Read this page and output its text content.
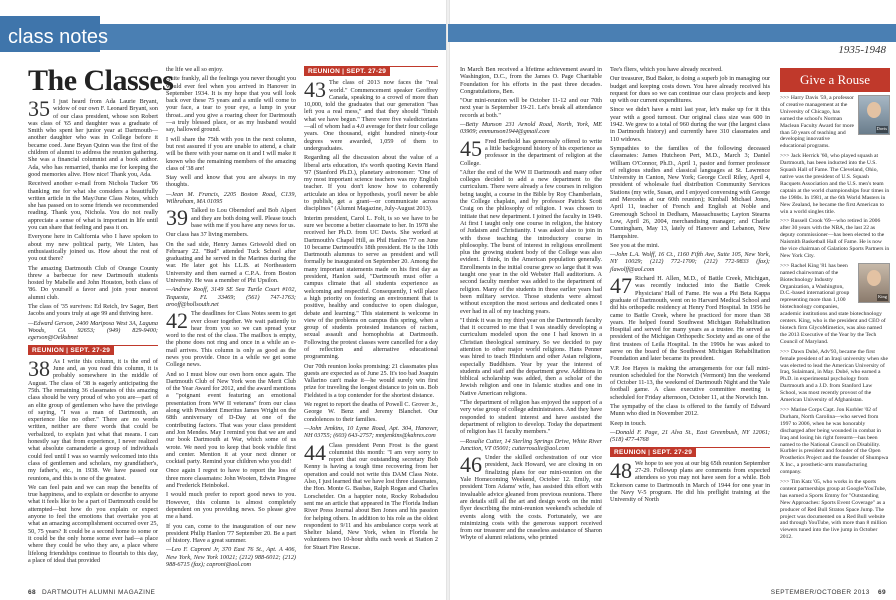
class notes
The Classes

35 I just heard from Ada Laurie Bryant, widow of our own F. Leonard Bryant, son of our class president, whose son Robert was class of '65 and daughter was a graduate of Smith who spent her junior year at Dartmouth—another daughter who was in College before it became coed. Jane Bryan Quinn was the first of the children of alumni to address the reunion gathering. She was a financial columnist and a book author. Ada, who has remarried, thanks me for keeping the good memories alive. How nice! Thank you, Ada.

Received another e-mail from Nichola Tucker '06 thanking me for what she considers a beautifully written article in the May/June Class Notes, which she has passed on to some friends we recommended reading. Thank you, Nichola. You do not really appreciate a sense of what is important in life until you can share that feeling and pass it on.

Everyone here in California who I have spoken to about my new political party, We Listen, has enthusiastically joined us. How about the rest of you out there?

The amazing Dartmouth Club of Orange County threw a barbecue for new Dartmouth students hosted by Mabelle and John Houston, both class of '86. Do yourself a favor and join your nearest alumni club.

The class of '35 survives: Ed Reich, Irv Sager, Bert Jacobs and yours truly at age 99 and thriving here.

—Edward Gerson, 2400 Mariposa West 3A, Laguna Woods, CA 92653; (949) 829-9400; egerson@Oelksbnet

REUNION | SEPT. 27-29

38 As I write this column, it is the end of June and, as you read this column, it is probably somewhere in the middle of August. The class of '38 is eagerly anticipating the 75th. The remaining 36 classmates of this amazing class should be very proud of who you are—part of an elite group of gentlemen who have the privilege of saying, "I was a man of Dartmouth, an experience like no other." There are no words written, neither are there words that could be verbalized, to explain just what that means. I can honestly say that from experience, I never realized what absolute camaraderie a group of individuals could feel until I was so warmly welcomed into this class of gentlemen and scholars, my grandfather's, my father's, etc., in 1938. We have passed our reunions, and this is one of the greatest.

We can feel pain and we can reap the benefits of true happiness, and to explain or describe to anyone what it feels like to be a part of Dartmouth could be attempted—but how do you explain or expect anyone to feel the emotions that overtake you at what an amazing accomplishment occurred over 25, 50, 75 years? It could be a second home to some or it could be the only home some ever had—a place where they could be who they are, a place where lifelong friendships continue to flourish to this day, a place of ideal that provided

the life we all so enjoy.

Quite frankly, all the feelings you never thought you would ever feel when you arrived in Hanover in September 1934. It is my hope that you will look back over these 75 years and a smile will come to your face, a tear to your eye, a lump in your throat...and you give a roaring cheer for Dartmouth—a truly blessed place, or as my husband would say, hallowed ground.

I will share the 75th with you in the next column, but rest assured if you are unable to attend, a chair will be there with your name on it and I will make it known who the remaining members of the amazing class of '38 are!

Stay well and know that you are always in my thoughts.

—Jean M. Francis, 2205 Boston Road, C139, Wilbraham, MA 01095

39 Talked to Lou Oberndorf and Bob Alpert and they are both doing well. Please touch base with me if you have any news for us.

Our class has 37 living members.

On the sad side, Henry James Griswold died on February 22. "Bud" attended Tuck School after graduating and he served in the Marines during the war. He later got his LL.B. at Northeastern University and then earned a C.P.A. from Boston University. He was a member of Phi Upsilon.

—Andrew Rooff, 3149 SE Sea Turtle Court #102, Tequesta, FL 33469; (561) 747-1763; arooff@hollsouth.net

42 The deadlines for Class Notes seem to get ever closer together. We wait patiently to hear from you so we can spread your word to the rest of the class. The mailbox is empty, the phone does not ring and once in a while an e-mail arrives. This column is only as good as the news you provide. Once in a while we get some College news.

And so I must blow our own horn once again. The Dartmouth Club of New York won the Merit Club of the Year Award for 2012, and the award mentions a "poignant event featuring an emotional presentation from WW II veterans" from our class along with President Emeritus James Wright on the 68th anniversary of D-Day at one of the contributing factors. That was your class president and Jon Mendes. May I remind you that we are and our book Dartmouth at War, which some of us wrote. We need you to keep that book visible first and center. Mention it at your next dinner or cocktail party. Remind your children who you did!

Once again I regret to have to report the loss of three more classmates: John Wooten, Edwin Pingree and Frederick Heinbokel.

I would much prefer to report good news to you. However, this column is almost completely dependent on you providing news. So please give me a hand.

If you can, come to the inauguration of our new president Philip Hanlon '77 September 20. Be a part of history. Have a great summer.

—Leo F. Caproni Jr, 370 East 76 St., Apt. A 406, New York, New York 10021; (212) 988-6012; (212) 988-6715 (fax); caproni@aol.com

REUNION | SEPT. 27-29

43 The class of 2013 now faces the "real world." Commencement speaker Geoffrey Canada, speaking to a crowd of more than 10,000, told the graduates that our generation "has left you a real mess," and that they should "finish what we have begun." There were five valedictorians—all of whom had a 4.0 average for their four college years. One thousand, eight hundred ninety-four degrees were awarded, 1,059 of them to undergraduates.

Regarding all the discussion about the value of a liberal arts education, it's worth quoting Kevin Hand '97 (Stanford Ph.D.), planetary astronomer: "One of my most important science teachers was my English teacher. If you don't know how to coherently articulate an idea or hypothesis, you'll never be able to publish, get a grant—or communicate across disciplines" (Alumni Magazine, July-August 2013).

Interim president, Carol L. Folt, is so we have to be sure we become a better classmate to her. In 1978 she received her Ph.D. from UC Davis. She worked at Dartmouth's Chapel Hill, as Phil Hanlon '77 on June 10 became Dartmouth's 18th president. He is the 10th Dartmouth alumnus to serve as president and will formally be inaugurated on September 20. Among the many important statements made on his first day as president, Hanlon said, "Dartmouth must offer a campus climate that all students experience as welcoming and respectful. Consequently, I will place a high priority on fostering an environment that is positive, healthy and conducive to open dialogue, debate and learning." This statement is welcome in view of the problems on campus this spring, when a group of students protested instances of racism, sexual assault and homophobia at Dartmouth. Following the protest classes were cancelled for a day of reflection and alternative educational programming.

Our 70th reunion looks promising: 21 classmates plus guests are expected as of June 25. It's too bad Joaquin Vallarino can't make it—he would surely win first prize for traveling the longest distance to join us. Bob Fieldsted is a top contender for the shortest distance.

We regret to report the deaths of Powell C. Grover Jr., George W. Benz and Jeremy Blanchet. Our condolences to their families.

—John Jenkins, 10 Lyme Road, Apt. 304, Hanover, NH 03755; (603) 643-2757; mmjenkins@kahres.com

44 Class president Penn Frost is the guest columnist this month: "I am very sorry to report that our outstanding secretary Bob Kenny is having a tough time recovering from her operation and could not write this DAM Class Note. Also, I just learned that we have lost three classmates, the Hon. Monte G. Basbas, Ralph Rogan and Charles Lorscheider. On a happier note, Rocky Robadsdou sent me an article that appeared in The Florida Indian River Press Journal about Ben Jones and his passion for helping others. In addition to his role as the oldest respondent to 9/11 and his ambulance corps work at Shelter Island, New York, when in Florida he volunteers two 10-hour shifts each week at Station 2 for Stuart Fire Rescue.

68 DARTMOUTH ALUMNI MAGAZINE
1935-1948

In March Ben received a lifetime achievement award in Washington, D.C., from the James O. Page Charitable Foundation for his efforts in the past three decades. Congratulations, Ben.

"Our mini-reunion will be October 11-12 and our 70th next year is September 19-21. Let's break all attendance records at both."

—Betty Munson 231 Arnold Road, North, York, ME 03909; emmunson1944@gmail.com

45 Fred Berthold has generously offered to write a little background history of his experience as professor in the department of religion at the College.

"After the end of the WW II Dartmouth and many other colleges decided to add a new department to the curriculum. There were already a few courses in religion being taught, a course in the Bible by Roy Chamberlain, the College chaplain, and by professor Patrick Scott Craig on the philosophy of religion. I was chosen to initiate that new department. I joined the faculty in 1949. At first I taught only one course in religion, the history of Judaism and Christianity. I was asked also to join in with those teaching the introductory course in philosophy. The burst of interest in religious enrollment plus the growing student body of the College was also evident. I think, in the American population generally. Enrollments in the initial course grew so large that it was taught one year in the old Webster Hall auditorium. A second faculty member was added to the department of religion. Many of the students in those earlier years had been military service. Those students were almost without exception the most serious and dedicated ones I ever had in all of my teaching years.

"I think it was in my third year on the Dartmouth faculty that it occurred to me that I was steadily developing a curriculum modeled upon the one I had known in a Christian theological seminary. So we decided to pay attention to other major world religions. Hans Penner was hired to teach Hinduism and other Asian religions, especially Buddhism. Year by year the interest of students and staff and the department grew. Additions in biblical scholarship was added, then a scholar of the Jewish religion and one in Islamic studies and one in Native American religions.

"The department of religion has enjoyed the support of a very wise group of college administrators. And they have responded to student interest and have assisted the department of religion to develop. Today the department of religion has 11 faculty members."

—Rosalie Cutter, 14 Sterling Springs Drive, White River Junction, VT 05001; cutterrosalie@aol.com

46 Under the skilled orchestration of our vice president, Jack Howard, we are closing in on finalizing plans for our mini-reunion on the Yale Homecoming Weekend, October 12. Emily, our president Tom Adams' wife, has assisted this effort with invaluable advice gleaned from previous reunions. There are details still all the art and design work on the mini flyer describing the mini-reunion weekend's schedule of events along with the costs. Fortunately, we are minimizing costs with the generous support received from our treasurer and the ceaseless assistance of Sharon Whyte of alumni relations, who printed

Tee's fliers, which you have already received.

Our treasurer, Bud Baker, is doing a superb job in managing our budget and keeping costs down. You have already received his request for dues so we can continue our class projects and keep up with our current expenditures.

Since we didn't have a mini last year, let's make up for it this year with a good turnout. Our original class size was 600 in 1942. We grew to a total of 960 during the war (the largest class in Dartmouth history) and currently have 310 classmates and 110 widows.

Sympathies to the families of the following deceased classmates: James Hutcheon Pert, M.D., March 3; Daniel William O'Connor, Ph.D., April 1, pastor and former professor of religious studies and classical languages at St. Lawrence University in Canton, New York; George Cecil Riley, April 4, president of wholesale fuel distribution Community Services Stations (my wife, Susan, and I enjoyed conversing with George and Mercedes at our 60th reunion); Kimball Michael Jones, April 11, teacher of French and English at Noble and Greenough School in Dedham, Massachusetts; Layton Stearns Low, April 26, 2004, merchandising manager; and Charlie Cunningham, May 13, lately of Hanover and Lebanon, New Hampshire.

See you at the mini.

—John L.A. Wolff, 16 Ct., 1160 Fifth Ave, Suite 105, New York, NY 10029; (212) 772-1700; (212) 772-9833 (fax); jlawolff@aol.com

47 Richard H. Allen, M.D., of Battle Creek, Michigan, was recently inducted into the Battle Creek Physicians' Hall of Fame. He was a Phi Beta Kappa graduate of Dartmouth, went on to Harvard Medical School and did his orthopedic residency at Henry Ford Hospital. In 1956 he came to Battle Creek, where he practiced for more than 38 years. He helped found Southwest Michigan Rehabilitation Hospital and served for many years as a trustee. He served as president of the Michigan Orthopedic Society and as one of the first trustees of Leila Hospital. In the 1990s he was asked to serve on the board of the Southwest Michigan Rehabilitation Foundation and later became its president.

V.P. Joe Hayes is making the arrangements for our fall mini-reunion scheduled for the Norwich (Vermont) Inn the weekend of October 11-13, the weekend of Dartmouth Night and the Yale football game. A class executive committee meeting is scheduled for Friday afternoon, October 11, at the Norwich Inn.

The sympathy of the class is offered to the family of Edward Munn who died in November 2012.

Keep in touch.

—Donald F. Page, 21 Alva St., East Greenbush, NY 12061; (518) 477-4768

REUNION | SEPT. 27-29

48 We hope to see you at our big 65th reunion September 27-29. Followup plans are comments from expected attendees so you may not have seen for a while. Bob Eckerson came to Dartmouth in March of 1944 for one year in the Navy V-5 program. He did his preflight training at the University of North

Give a Rouse

Davis
>>> Harry Davis '59, a professor of creative management at the University of Chicago, has earned the school's Norman Maclean Faculty Award for more than 50 years of teaching and developing innovative educational programs.

>>> Jack Herrick '60, who played squash at Dartmouth, has been inducted into the U.S. Squash Hall of Fame. The Cleveland, Ohio, native was the president of U.S. Squash Racquets Association and the U.S. men's team captain at the world championships four times in the 1980s. In 1981, at the 6th World Masters in New Zealand, he became the first American to win a world singles title.

>>> Russell Crook '69—who retired in 2006 after 30 years with the NBA, the last 22 as deputy commissioner—has been elected to the Naismith Basketball Hall of Fame. He is now the vice chairman of Galatioto Sports Partners in New York City.

King
>>> Rachel King '81 has been named chairwoman of the Biotechnology Industry Organization, a Washington, D.C.-based international group representing more than 1,100 biotechnology companies, academic institutions and state biotechnology centers. King, who is the president and CEO of biotech firm GlycoMimetics, was also named the 2013 Executive of the Year by the Tech Council of Maryland.

>>> Dawn Dubé, Adv'93, became the first female president of an Iraqi university when she was elected to lead the American University of Iraq, Sulaimani, in May. Dubé, who earned a Ph.D. in experimental psychology from Dartmouth and a J.D. from Stanford Law School, was most recently provost of the American University of Afghanistan.

>>> Marine Corps Capt. Jon Kurbler '02 of Durham, North Carolina—who served from 1997 to 2006, when he was honorably discharged after being wounded in combat in Iraq and losing his right forearm—has been named to the National Council on Disability. Kurbler is president and founder of the Open Prosthetics Project and the founder of Shumpwa X Inc., a prosthetic-arm manufacturing company.

>>> Tim Katz '05, who works in the sports content partnerships group at Google/YouTube, has earned a Sports Emmy for "Outstanding New Approaches: Sports Event Coverage" as a producer of Red Bull Stratos Space Jump. The project was documented on a Red Bull website and through YouTube, with more than 8 million viewers tuned into the live jump in October 2012.

SEPTEMBER/OCTOBER 2013 69
